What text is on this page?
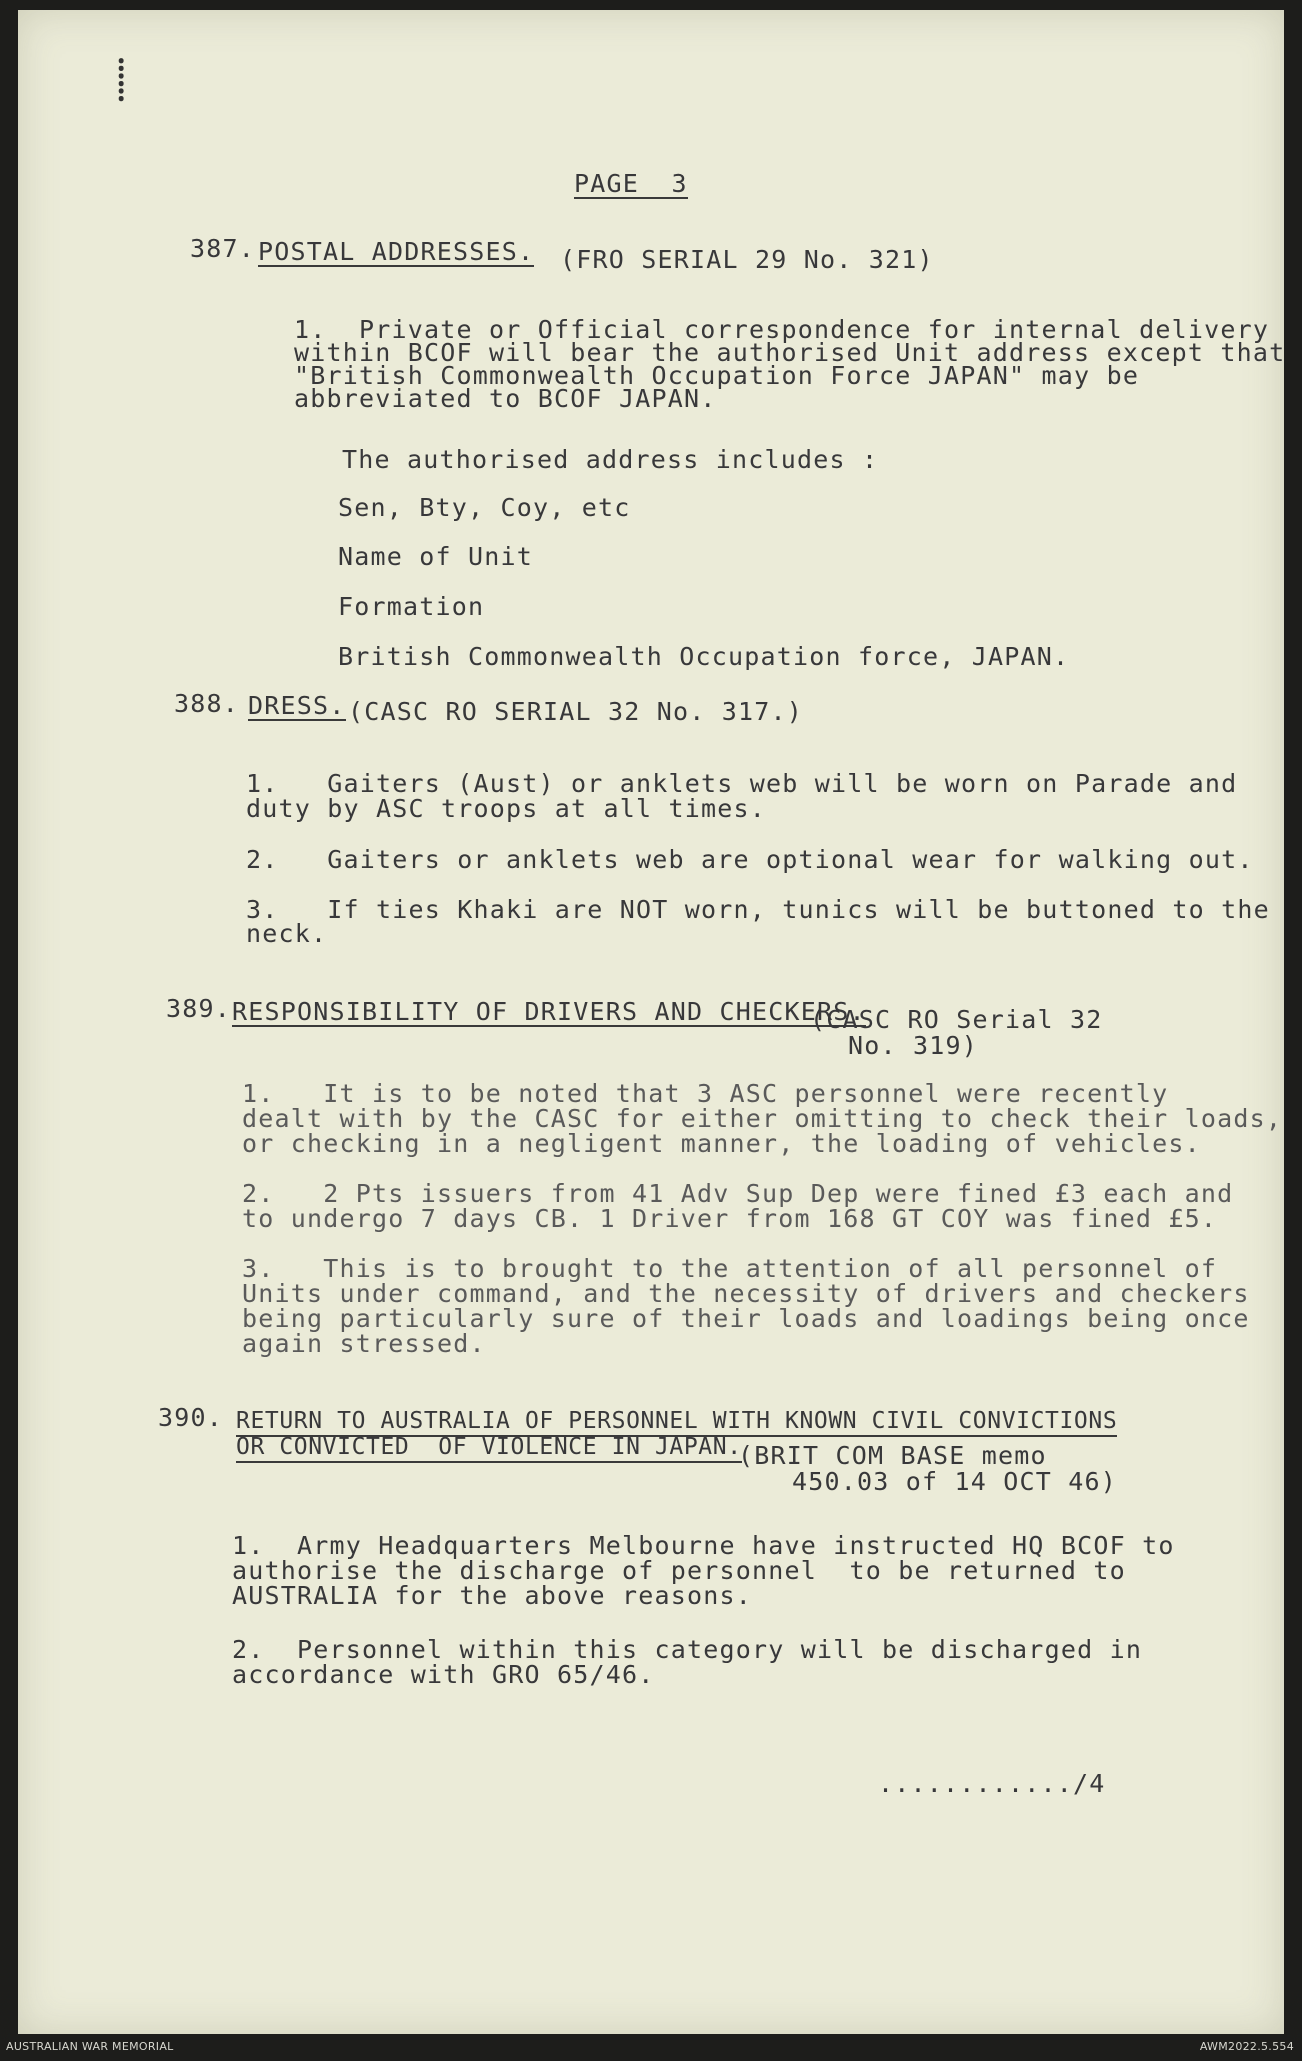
⸽
PAGE  3
387. POSTAL ADDRESSES. (FRO SERIAL 29 No. 321)
1.  Private or Official correspondence for internal delivery
within BCOF will bear the authorised Unit address except that
"British Commonwealth Occupation Force JAPAN" may be
abbreviated to BCOF JAPAN.
The authorised address includes :
Sen, Bty, Coy, etc
Name of Unit
Formation
British Commonwealth Occupation force, JAPAN.
388. DRESS. (CASC RO SERIAL 32 No. 317.)
1.   Gaiters (Aust) or anklets web will be worn on Parade and
duty by ASC troops at all times.
2.   Gaiters or anklets web are optional wear for walking out.
3.   If ties Khaki are NOT worn, tunics will be buttoned to the
neck.
389. RESPONSIBILITY OF DRIVERS AND CHECKERS.
(CASC RO Serial 32
No. 319)
1.   It is to be noted that 3 ASC personnel were recently
dealt with by the CASC for either omitting to check their loads,
or checking in a negligent manner, the loading of vehicles.
2.   2 Pts issuers from 41 Adv Sup Dep were fined £3 each and
to undergo 7 days CB. 1 Driver from 168 GT COY was fined £5.
3.   This is to brought to the attention of all personnel of
Units under command, and the necessity of drivers and checkers
being particularly sure of their loads and loadings being once
again stressed.
390. RETURN TO AUSTRALIA OF PERSONNEL WITH KNOWN CIVIL CONVICTIONS
OR CONVICTED  OF VIOLENCE IN JAPAN.
(BRIT COM BASE memo
450.03 of 14 OCT 46)
1.  Army Headquarters Melbourne have instructed HQ BCOF to
authorise the discharge of personnel  to be returned to
AUSTRALIA for the above reasons.
2.  Personnel within this category will be discharged in
accordance with GRO 65/46.
............/4
AUSTRALIAN WAR MEMORIAL	AWM2022.5.554
